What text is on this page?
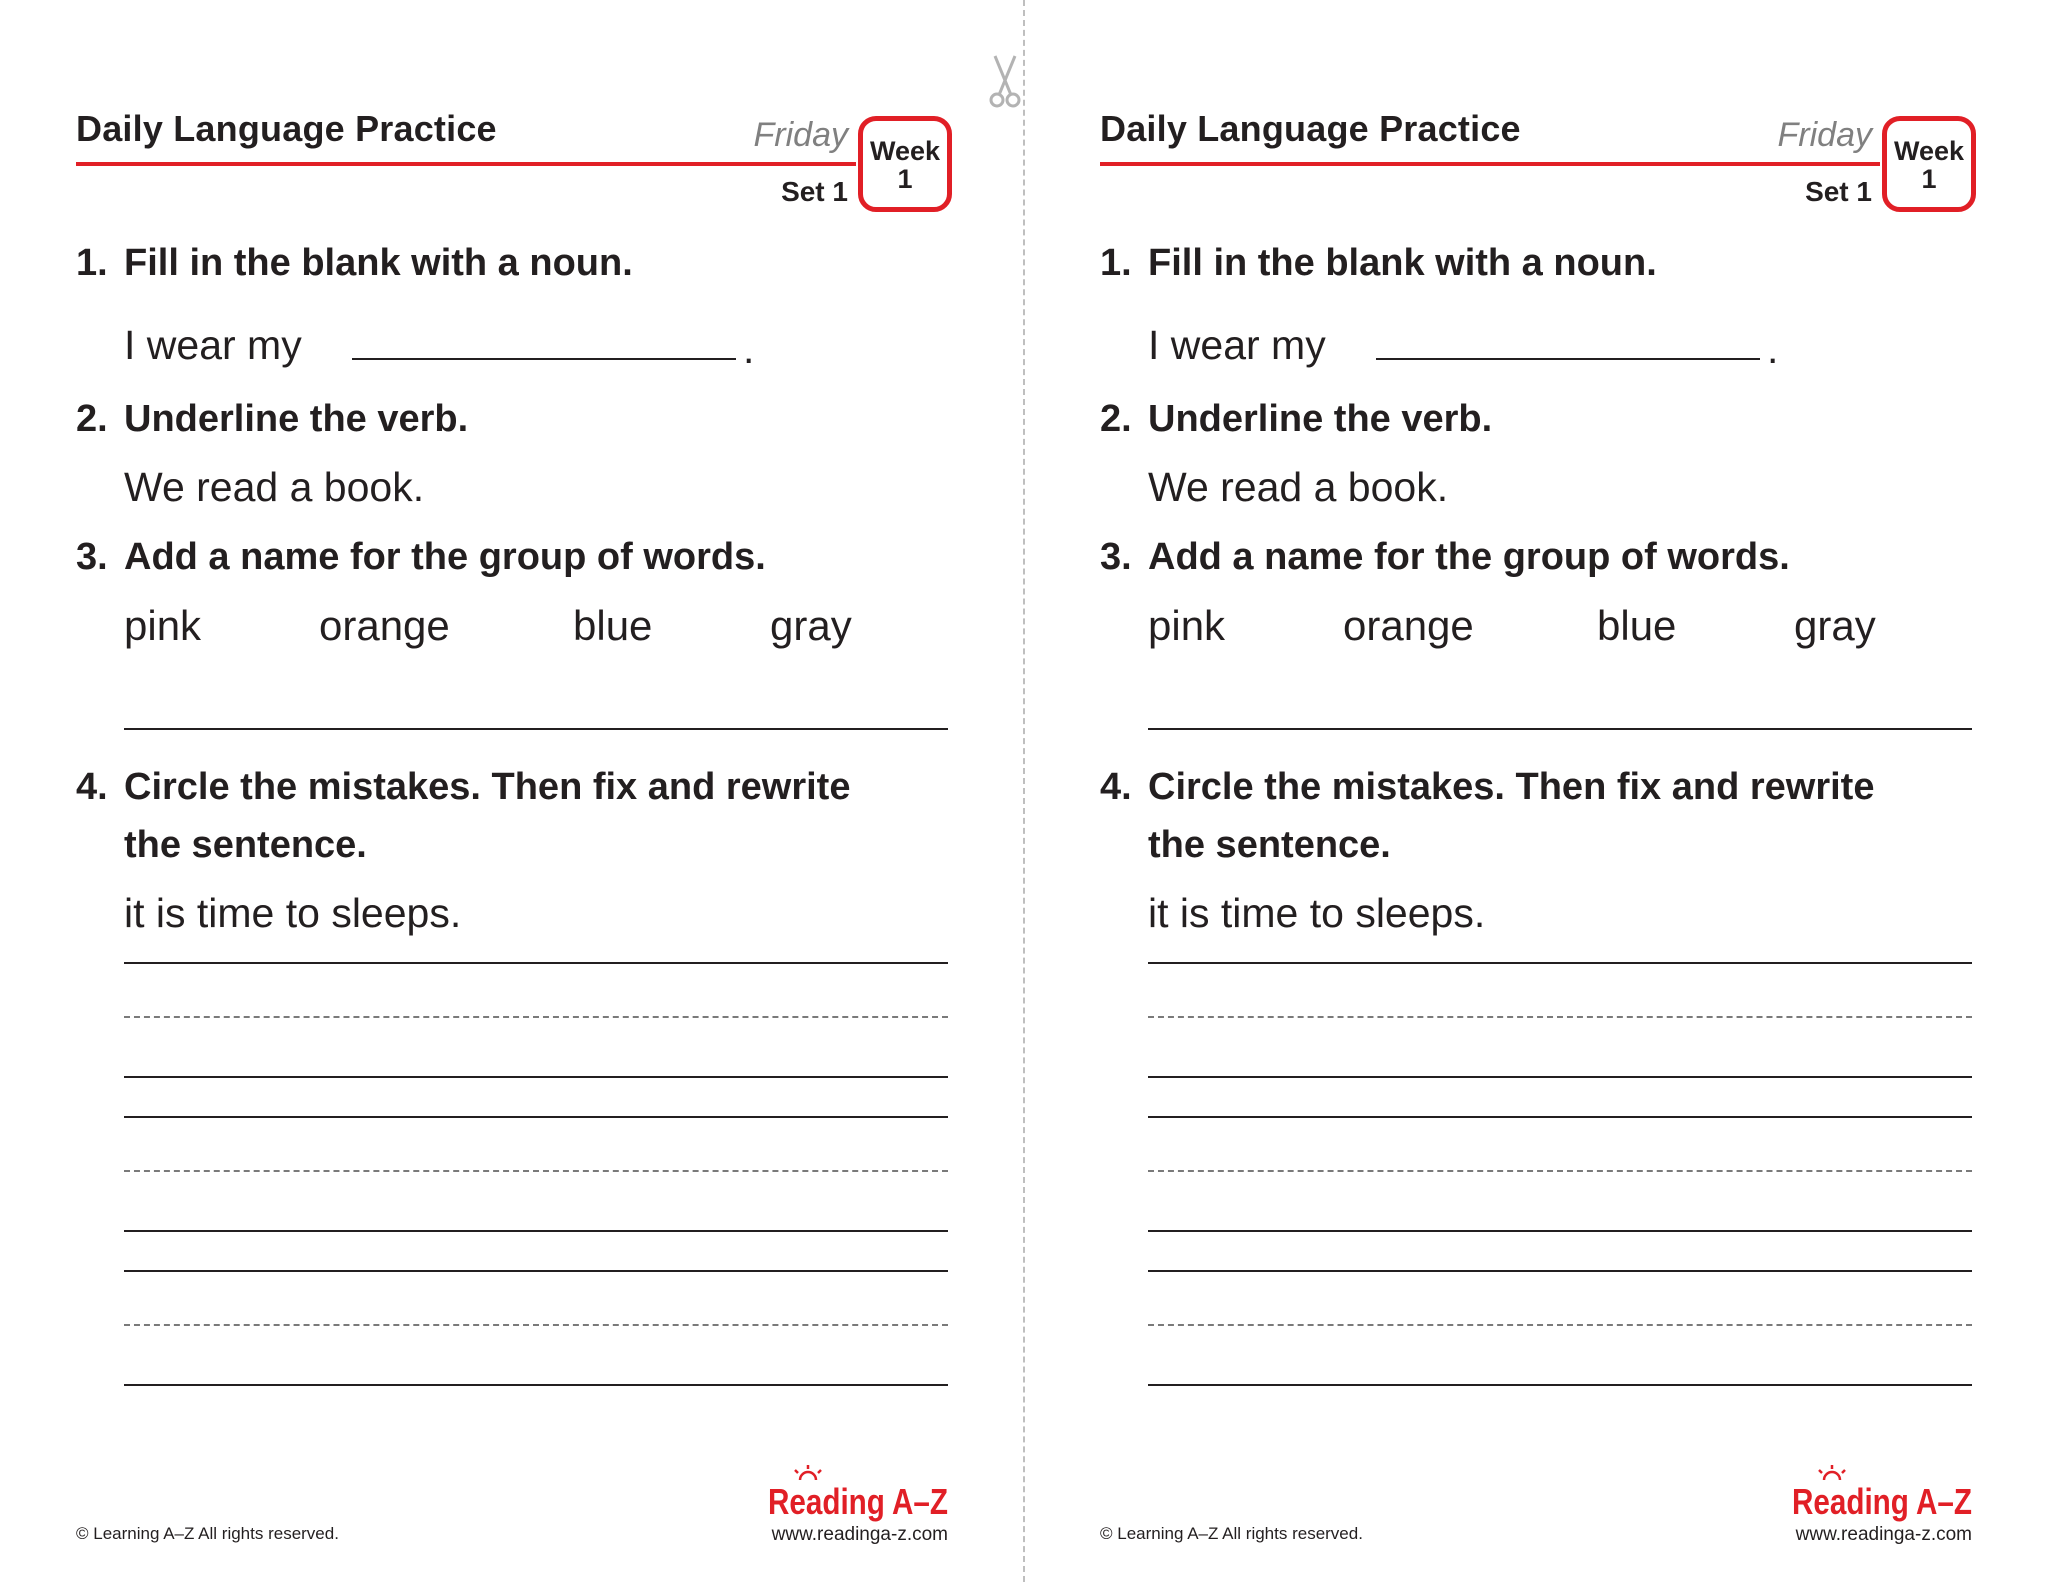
Daily Language Practice	Friday
Set 1
Week
1
1. Fill in the blank with a noun.
I wear my	.
2. Underline the verb.
We read a book.
3. Add a name for the group of words.
pink	orange	blue	gray
4. Circle the mistakes. Then fix and rewrite
the sentence.
it is time to sleeps.
© Learning A–Z All rights reserved.
Reading A–Z
www.readinga-z.com
Daily Language Practice	Friday
Set 1
Week
1
1. Fill in the blank with a noun.
I wear my	.
2. Underline the verb.
We read a book.
3. Add a name for the group of words.
pink	orange	blue	gray
4. Circle the mistakes. Then fix and rewrite
the sentence.
it is time to sleeps.
© Learning A–Z All rights reserved.
Reading A–Z
www.readinga-z.com
